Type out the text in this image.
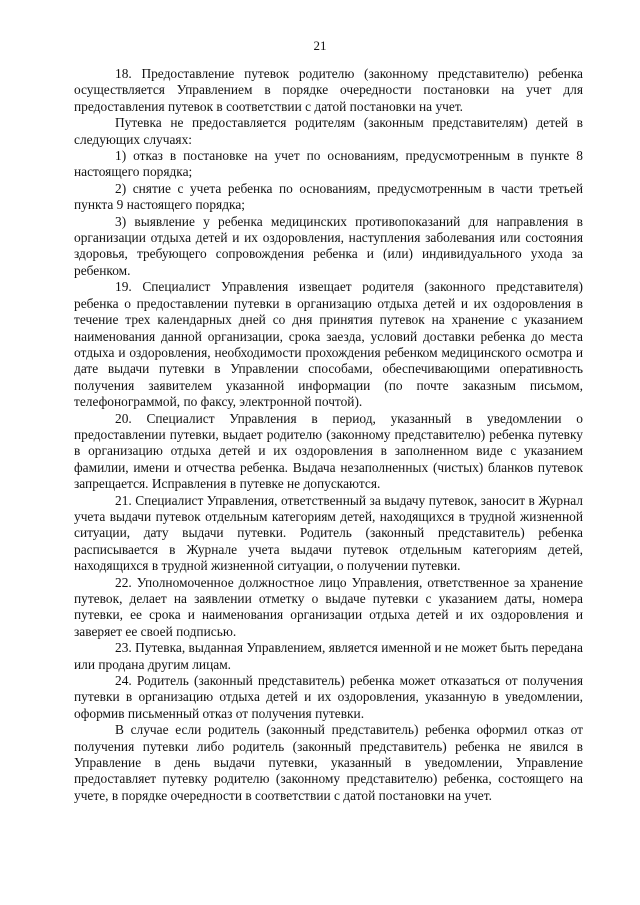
21

18. Предоставление путевок родителю (законному представителю) ребенка осуществляется Управлением в порядке очередности постановки на учет для предоставления путевок в соответствии с датой постановки на учет.

Путевка не предоставляется родителям (законным представителям) детей в следующих случаях:

1) отказ в постановке на учет по основаниям, предусмотренным в пункте 8 настоящего порядка;

2) снятие с учета ребенка по основаниям, предусмотренным в части третьей пункта 9 настоящего порядка;

3) выявление у ребенка медицинских противопоказаний для направления в организации отдыха детей и их оздоровления, наступления заболевания или состояния здоровья, требующего сопровождения ребенка и (или) индивидуального ухода за ребенком.

19. Специалист Управления извещает родителя (законного представителя) ребенка о предоставлении путевки в организацию отдыха детей и их оздоровления в течение трех календарных дней со дня принятия путевок на хранение с указанием наименования данной организации, срока заезда, условий доставки ребенка до места отдыха и оздоровления, необходимости прохождения ребенком медицинского осмотра и дате выдачи путевки в Управлении способами, обеспечивающими оперативность получения заявителем указанной информации (по почте заказным письмом, телефонограммой, по факсу, электронной почтой).

20. Специалист Управления в период, указанный в уведомлении о предоставлении путевки, выдает родителю (законному представителю) ребенка путевку в организацию отдыха детей и их оздоровления в заполненном виде с указанием фамилии, имени и отчества ребенка. Выдача незаполненных (чистых) бланков путевок запрещается. Исправления в путевке не допускаются.

21. Специалист Управления, ответственный за выдачу путевок, заносит в Журнал учета выдачи путевок отдельным категориям детей, находящихся в трудной жизненной ситуации, дату выдачи путевки. Родитель (законный представитель) ребенка расписывается в Журнале учета выдачи путевок отдельным категориям детей, находящихся в трудной жизненной ситуации, о получении путевки.

22. Уполномоченное должностное лицо Управления, ответственное за хранение путевок, делает на заявлении отметку о выдаче путевки с указанием даты, номера путевки, ее срока и наименования организации отдыха детей и их оздоровления и заверяет ее своей подписью.

23. Путевка, выданная Управлением, является именной и не может быть передана или продана другим лицам.

24. Родитель (законный представитель) ребенка может отказаться от получения путевки в организацию отдыха детей и их оздоровления, указанную в уведомлении, оформив письменный отказ от получения путевки.

В случае если родитель (законный представитель) ребенка оформил отказ от получения путевки либо родитель (законный представитель) ребенка не явился в Управление в день выдачи путевки, указанный в уведомлении, Управление предоставляет путевку родителю (законному представителю) ребенка, состоящего на учете, в порядке очередности в соответствии с датой постановки на учет.
